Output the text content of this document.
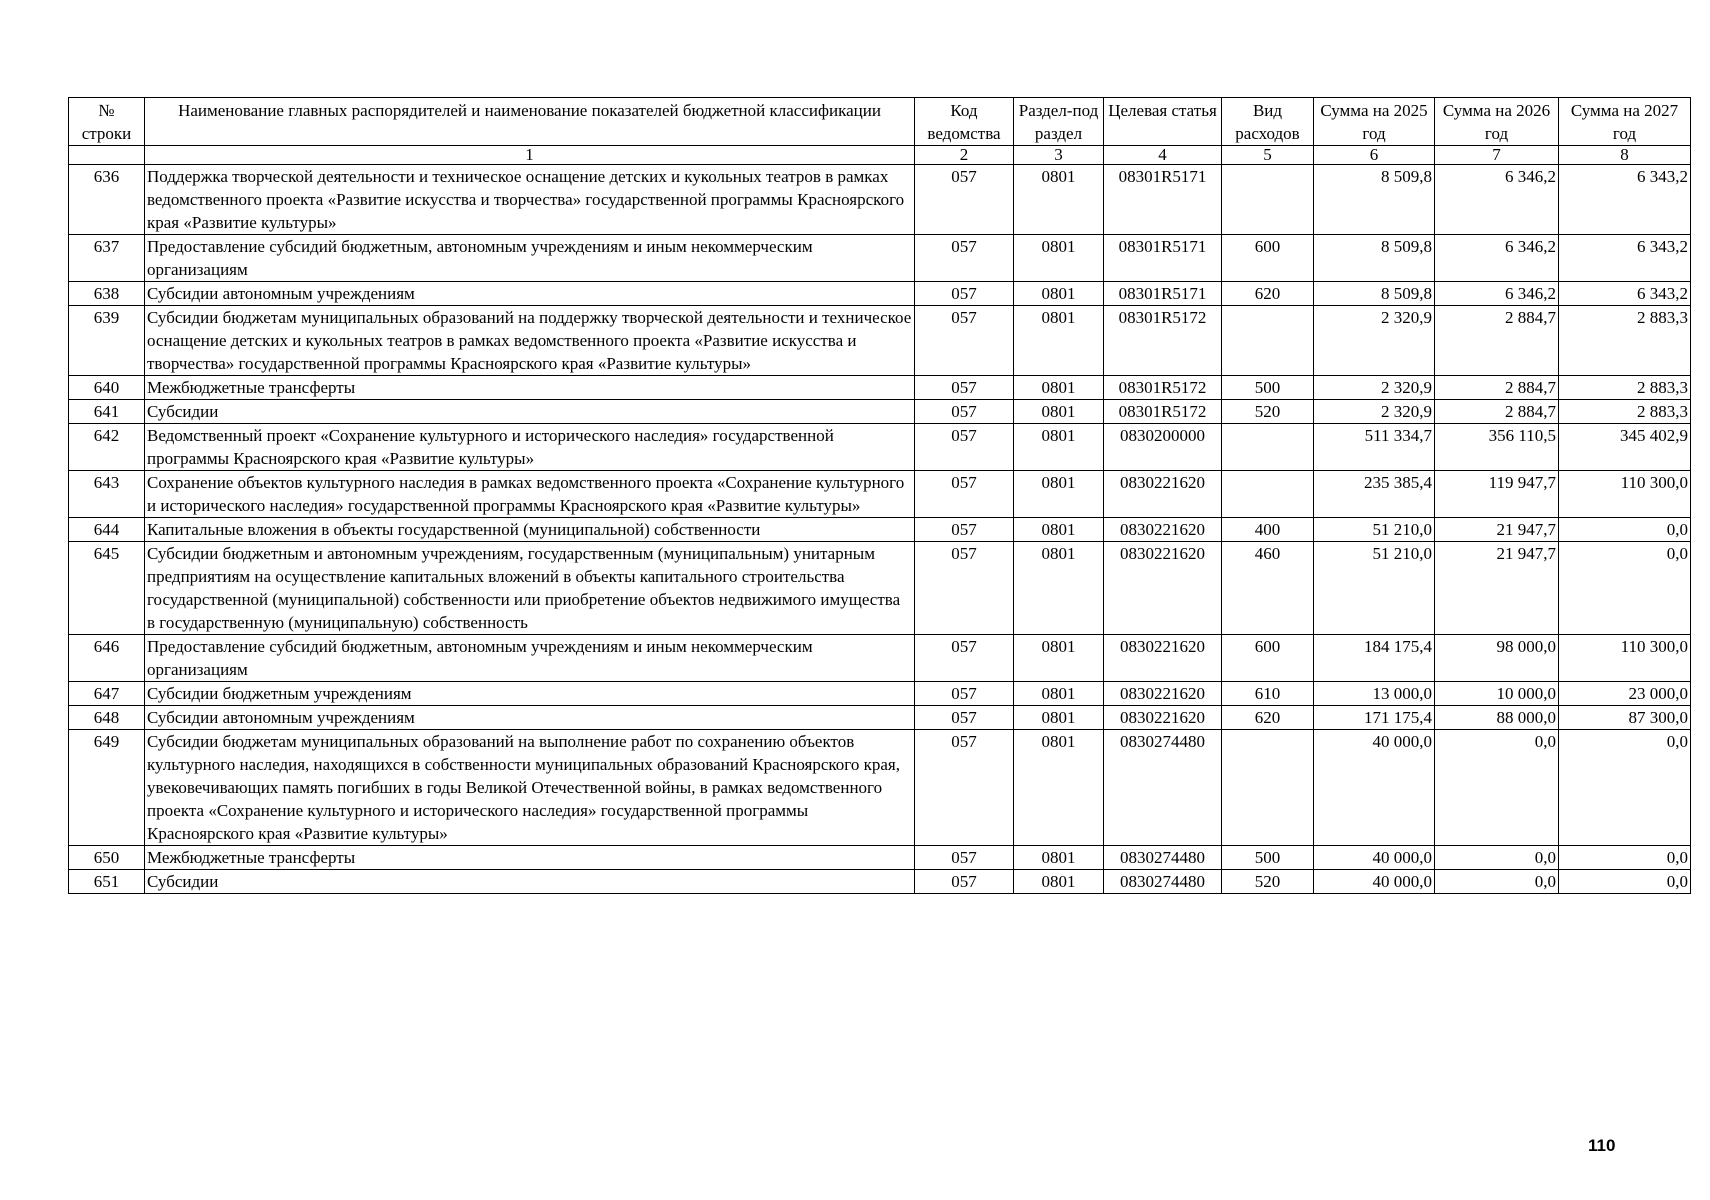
№ строки	Наименование главных распорядителей и наименование показателей бюджетной классификации	Код ведомства	Раздел-подраздел	Целевая статья	Вид расходов	Сумма на 2025 год	Сумма на 2026 год	Сумма на 2027 год
	1	2	3	4	5	6	7	8
636	Поддержка творческой деятельности и техническое оснащение детских и кукольных театров в рамках ведомственного проекта «Развитие искусства и творчества» государственной программы Красноярского края «Развитие культуры»	057	0801	08301R5171		8 509,8	6 346,2	6 343,2
637	Предоставление субсидий бюджетным, автономным учреждениям и иным некоммерческим организациям	057	0801	08301R5171	600	8 509,8	6 346,2	6 343,2
638	Субсидии автономным учреждениям	057	0801	08301R5171	620	8 509,8	6 346,2	6 343,2
639	Субсидии бюджетам муниципальных образований на поддержку творческой деятельности и техническое оснащение детских и кукольных театров в рамках ведомственного проекта «Развитие искусства и творчества» государственной программы Красноярского края «Развитие культуры»	057	0801	08301R5172		2 320,9	2 884,7	2 883,3
640	Межбюджетные трансферты	057	0801	08301R5172	500	2 320,9	2 884,7	2 883,3
641	Субсидии	057	0801	08301R5172	520	2 320,9	2 884,7	2 883,3
642	Ведомственный проект «Сохранение культурного и исторического наследия» государственной программы Красноярского края «Развитие культуры»	057	0801	0830200000		511 334,7	356 110,5	345 402,9
643	Сохранение объектов культурного наследия в рамках ведомственного проекта «Сохранение культурного и исторического наследия» государственной программы Красноярского края «Развитие культуры»	057	0801	0830221620		235 385,4	119 947,7	110 300,0
644	Капитальные вложения в объекты государственной (муниципальной) собственности	057	0801	0830221620	400	51 210,0	21 947,7	0,0
645	Субсидии бюджетным и автономным учреждениям, государственным (муниципальным) унитарным предприятиям на осуществление капитальных вложений в объекты капитального строительства государственной (муниципальной) собственности или приобретение объектов недвижимого имущества в государственную (муниципальную) собственность	057	0801	0830221620	460	51 210,0	21 947,7	0,0
646	Предоставление субсидий бюджетным, автономным учреждениям и иным некоммерческим организациям	057	0801	0830221620	600	184 175,4	98 000,0	110 300,0
647	Субсидии бюджетным учреждениям	057	0801	0830221620	610	13 000,0	10 000,0	23 000,0
648	Субсидии автономным учреждениям	057	0801	0830221620	620	171 175,4	88 000,0	87 300,0
649	Субсидии бюджетам муниципальных образований на выполнение работ по сохранению объектов культурного наследия, находящихся в собственности муниципальных образований Красноярского края, увековечивающих память погибших в годы Великой Отечественной войны, в рамках ведомственного проекта «Сохранение культурного и исторического наследия» государственной программы Красноярского края «Развитие культуры»	057	0801	0830274480		40 000,0	0,0	0,0
650	Межбюджетные трансферты	057	0801	0830274480	500	40 000,0	0,0	0,0
651	Субсидии	057	0801	0830274480	520	40 000,0	0,0	0,0
110
